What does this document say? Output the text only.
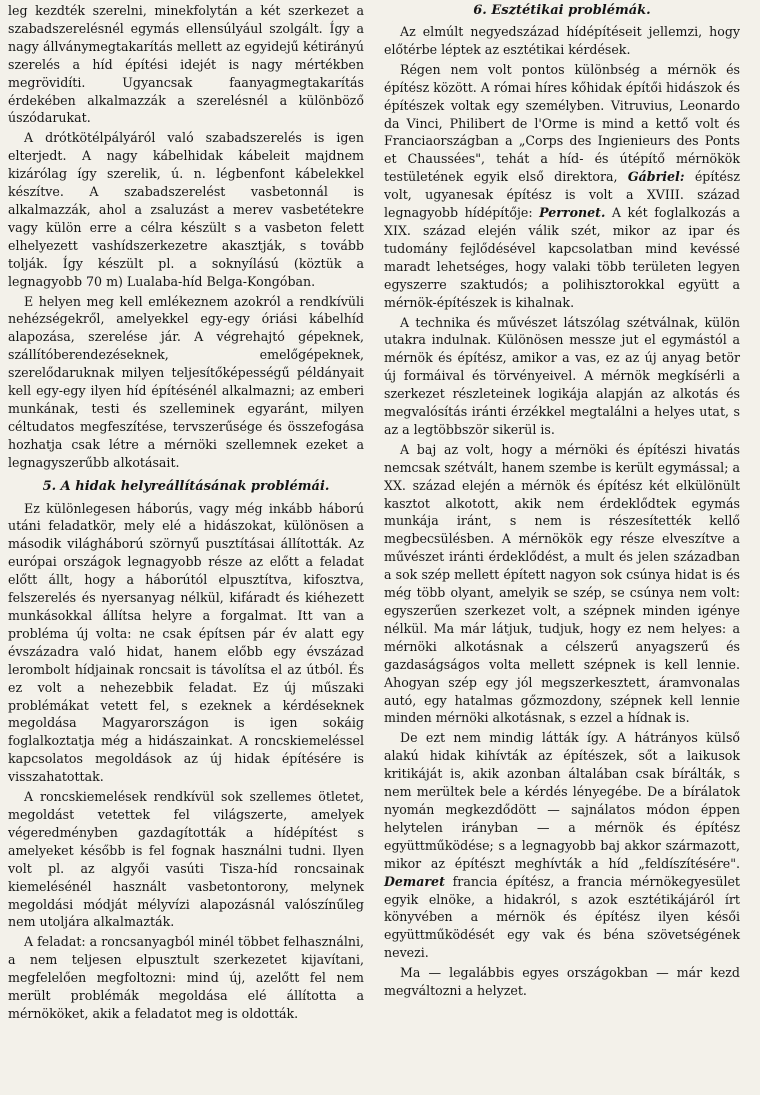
leg kezdték szerelni, minekfolytán a két szerkezet a szabadszerelésnél egymás ellensúlyául szolgált. Így a nagy állványmegtakarítás mellett az egyidejű kétirányú szerelés a híd építési idejét is nagy mértékben megrövidíti. Ugyancsak faanyagmegtakarítás érdekében alkalmazzák a szerelésnél a különböző úszódarukat.

A drótkötélpályáról való szabadszerelés is igen elterjedt. A nagy kábelhidak kábeleit majdnem kizárólag így szerelik, ú. n. légbenfont kábelekkel készítve. A szabadszerelést vasbetonnál is alkalmazzák, ahol a zsaluzást a merev vasbetétekre vagy külön erre a célra készült s a vasbeton felett elhelyezett vashídszerkezetre akasztják, s tovább tolják. Így készült pl. a soknyílású (köztük a legnagyobb 70 m) Lualaba-híd Belga-Kongóban.

E helyen meg kell emlékeznem azokról a rendkívüli nehézségekről, amelyekkel egy-egy óriási kábelhíd alapozása, szerelése jár. A végrehajtó gépeknek, szállítóberendezéseknek, emelőgépeknek, szerelődaruknak milyen teljesítőképességű példányait kell egy-egy ilyen híd építésénél alkalmazni; az emberi munkának, testi és szelleminek egyaránt, milyen céltudatos megfeszítése, tervszerűsége és összefogása hozhatja csak létre a mérnöki szellemnek ezeket a legnagyszerűbb alkotásait.

5. A hidak helyreállításának problémái.

Ez különlegesen háborús, vagy még inkább háború utáni feladatkör, mely elé a hidászokat, különösen a második világháború szörnyű pusztításai állították. Az európai országok legnagyobb része az előtt a feladat előtt állt, hogy a háborútól elpusztítva, kifosztva, felszerelés és nyersanyag nélkül, kifáradt és kiéhezett munkásokkal állítsa helyre a forgalmat. Itt van a probléma új volta: ne csak építsen pár év alatt egy évszázadra való hidat, hanem előbb egy évszázad lerombolt hídjainak roncsait is távolítsa el az útból. És ez volt a nehezebbik feladat. Ez új műszaki problémákat vetett fel, s ezeknek a kérdéseknek megoldása Magyarországon is igen sokáig foglalkoztatja még a hidászainkat. A roncskiemeléssel kapcsolatos megoldások az új hidak építésére is visszahatottak.

A roncskiemelések rendkívül sok szellemes ötletet, megoldást vetettek fel világszerte, amelyek végeredményben gazdagították a hídépítést s amelyeket később is fel fognak használni tudni. Ilyen volt pl. az algyői vasúti Tisza-híd roncsainak kiemelésénél használt vasbetontorony, melynek megoldási módját mélyvízi alapozásnál valószínűleg nem utoljára alkalmazták.

A feladat: a roncsanyagból minél többet felhasználni, a nem teljesen elpusztult szerkezetet kijavítani, megfelelően megfoltozni: mind új, azelőtt fel nem merült problémák megoldása elé állította a mérnököket, akik a feladatot meg is oldották.

6. Esztétikai problémák.

Az elmúlt negyedszázad hídépítéseit jellemzi, hogy előtérbe léptek az esztétikai kérdések.

Régen nem volt pontos különbség a mérnök és építész között. A római híres kőhidak építői hidászok és építészek voltak egy személyben. Vitruvius, Leonardo da Vinci, Philibert de l'Orme is mind a kettő volt és Franciaországban a „Corps des Ingienieurs des Ponts et Chaussées", tehát a híd- és útépítő mérnökök testületének egyik első direktora, Gábriel: építész volt, ugyanesak építész is volt a XVIII. század legnagyobb hídépítője: Perronet. A két foglalkozás a XIX. század elején válik szét, mikor az ipar és tudomány fejlődésével kapcsolatban mind kevéssé maradt lehetséges, hogy valaki több területen legyen egyszerre szaktudós; a polihisztorokkal együtt a mérnök-építészek is kihalnak.

A technika és művészet látszólag szétválnak, külön utakra indulnak. Különösen messze jut el egymástól a mérnök és építész, amikor a vas, ez az új anyag betör új formáival és törvényeivel. A mérnök megkísérli a szerkezet részleteinek logikája alapján az alkotás és megvalósítás iránti érzékkel megtalálni a helyes utat, s az a legtöbbször sikerül is.

A baj az volt, hogy a mérnöki és építészi hivatás nemcsak szétvált, hanem szembe is került egymással; a XX. század elején a mérnök és építész két elkülönült kasztot alkotott, akik nem érdeklődtek egymás munkája iránt, s nem is részesítették kellő megbecsülésben. A mérnökök egy része elveszítve a művészet iránti érdeklődést, a mult és jelen században a sok szép mellett épített nagyon sok csúnya hidat is és még több olyant, amelyik se szép, se csúnya nem volt: egyszerűen szerkezet volt, a szépnek minden igénye nélkül. Ma már látjuk, tudjuk, hogy ez nem helyes: a mérnöki alkotásnak a célszerű anyagszerű és gazdaságságos volta mellett szépnek is kell lennie. Ahogyan szép egy jól megszerkesztett, áramvonalas autó, egy hatalmas gőzmozdony, szépnek kell lennie minden mérnöki alkotásnak, s ezzel a hídnak is.

De ezt nem mindig látták így. A hátrányos külső alakú hidak kihívták az építészek, sőt a laikusok kritikáját is, akik azonban általában csak bírálták, s nem merültek bele a kérdés lényegébe. De a bírálatok nyomán megkezdődött — sajnálatos módon éppen helytelen irányban — a mérnök és építész együttműködése; s a legnagyobb baj akkor származott, mikor az építészt meghívták a híd „feldíszítésére". Demaret francia építész, a francia mérnökegyesület egyik elnöke, a hidakról, s azok esztétikájáról írt könyvében a mérnök és építész ilyen késői együttműködését egy vak és béna szövetségének nevezi.

Ma — legalábbis egyes országokban — már kezd megváltozni a helyzet.
